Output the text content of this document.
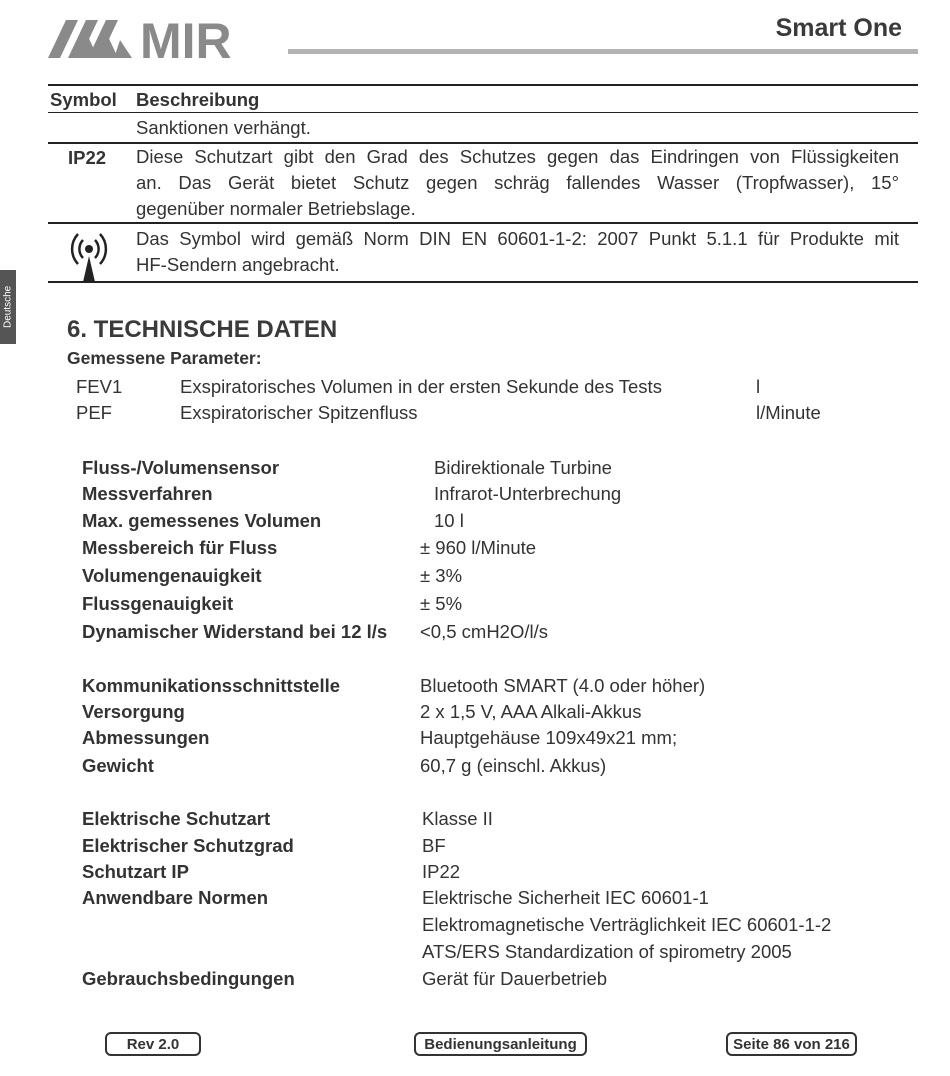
MIR	Smart One
Deutsche
Symbol Beschreibung
Sanktionen verhängt.
IP22 Diese Schutzart gibt den Grad des Schutzes gegen das Eindringen von Flüssigkeiten
an. Das Gerät bietet Schutz gegen schräg fallendes Wasser (Tropfwasser), 15°
gegenüber normaler Betriebslage.
Das Symbol wird gemäß Norm DIN EN 60601-1-2: 2007 Punkt 5.1.1 für Produkte mit
HF-Sendern angebracht.
6. TECHNISCHE DATEN
Gemessene Parameter:
FEV1	Exspiratorisches Volumen in der ersten Sekunde des Tests	l
PEF	Exspiratorischer Spitzenfluss	l/Minute
Fluss-/Volumensensor	Bidirektionale Turbine
Messverfahren	Infrarot-Unterbrechung
Max. gemessenes Volumen	10 l
Messbereich für Fluss	± 960 l/Minute
Volumengenauigkeit	± 3%
Flussgenauigkeit	± 5%
Dynamischer Widerstand bei 12 l/s <0,5 cmH2O/l/s
Kommunikationsschnittstelle	Bluetooth SMART (4.0 oder höher)
Versorgung	2 x 1,5 V, AAA Alkali-Akkus
Abmessungen	Hauptgehäuse 109x49x21 mm;
Gewicht	60,7 g (einschl. Akkus)
Elektrische Schutzart	Klasse II
Elektrischer Schutzgrad	BF
Schutzart IP	IP22
Anwendbare Normen	Elektrische Sicherheit IEC 60601-1
Elektromagnetische Verträglichkeit IEC 60601-1-2
ATS/ERS Standardization of spirometry 2005
Gebrauchsbedingungen	Gerät für Dauerbetrieb
Rev 2.0	Bedienungsanleitung	Seite 86 von 216
